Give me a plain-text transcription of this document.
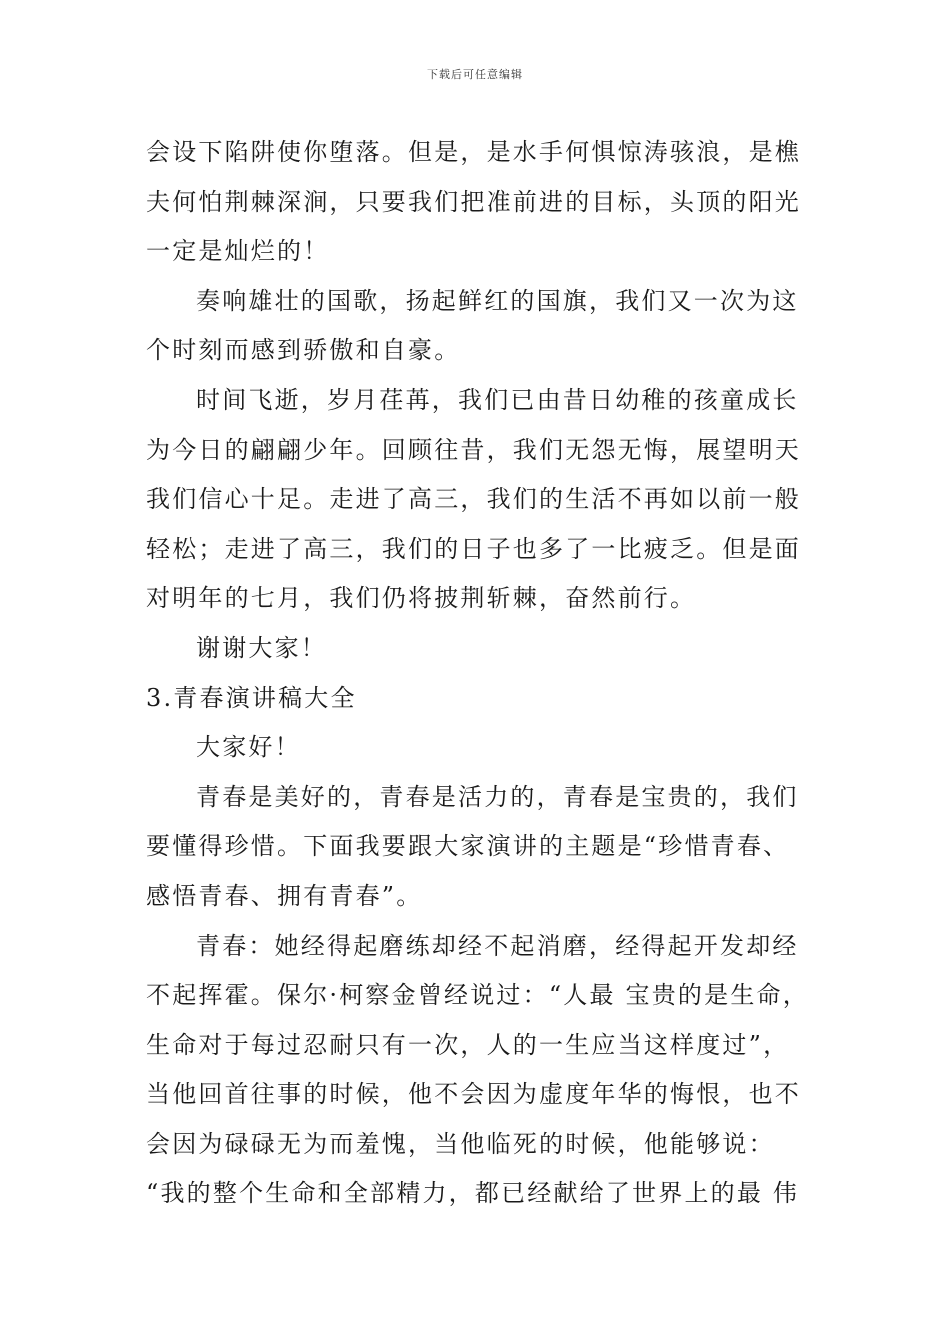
下载后可任意编辑
会设下陷阱使你堕落。但是，是水手何惧惊涛骇浪，是樵
夫何怕荆棘深涧，只要我们把准前进的目标，头顶的阳光
一定是灿烂的！
奏响雄壮的国歌，扬起鲜红的国旗，我们又一次为这
个时刻而感到骄傲和自豪。
时间飞逝，岁月荏苒，我们已由昔日幼稚的孩童成长
为今日的翩翩少年。回顾往昔，我们无怨无悔，展望明天
我们信心十足。走进了高三，我们的生活不再如以前一般
轻松；走进了高三，我们的日子也多了一比疲乏。但是面
对明年的七月，我们仍将披荆斩棘，奋然前行。
谢谢大家！
3.青春演讲稿大全
大家好！
青春是美好的，青春是活力的，青春是宝贵的，我们
要懂得珍惜。下面我要跟大家演讲的主题是“珍惜青春、
感悟青春、拥有青春”。
青春：她经得起磨练却经不起消磨，经得起开发却经
不起挥霍。保尔·柯察金曾经说过：“人最 宝贵的是生命，
生命对于每过忍耐只有一次，人的一生应当这样度过”，
当他回首往事的时候，他不会因为虚度年华的悔恨，也不
会因为碌碌无为而羞愧，当他临死的时候，他能够说：
“我的整个生命和全部精力，都已经献给了世界上的最 伟
